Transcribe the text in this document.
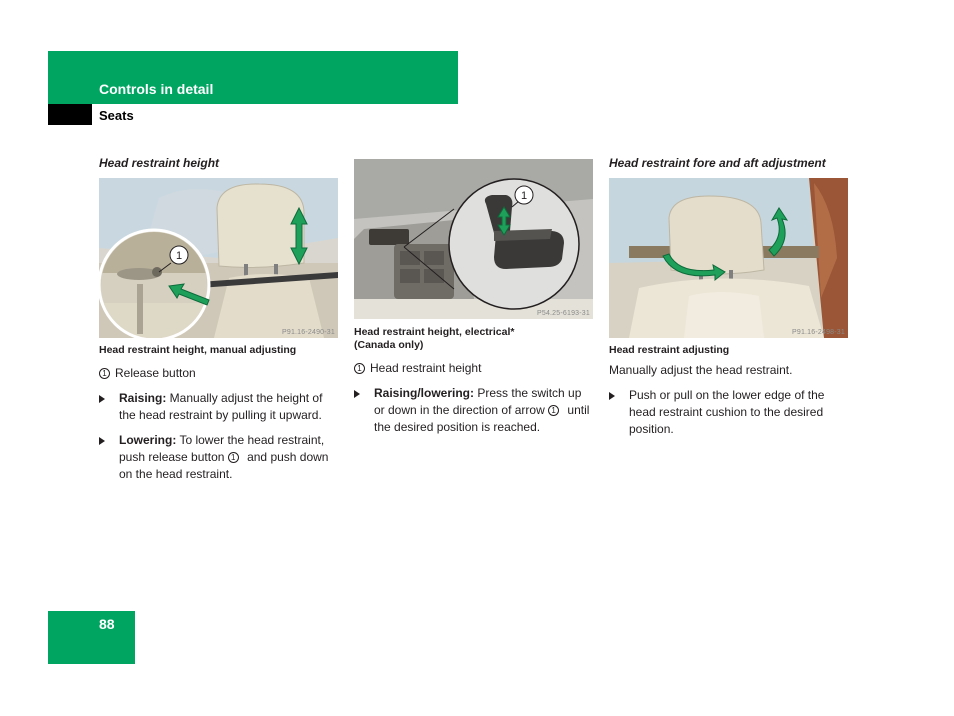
Controls in detail
Seats
Head restraint height
1
P91.16-2490-31
Head restraint height, manual adjusting
1 Release button
Raising: Manually adjust the height of the head restraint by pulling it upward.
Lowering: To lower the head restraint, push release button 1 and push down on the head restraint.
1
P54.25-6193-31
Head restraint height, electrical*
(Canada only)
1 Head restraint height
Raising/lowering: Press the switch up or down in the direction of arrow 1 until the desired position is reached.
Head restraint fore and aft adjustment
P91.16-2498-31
Head restraint adjusting
Manually adjust the head restraint.
Push or pull on the lower edge of the head restraint cushion to the desired position.
88
